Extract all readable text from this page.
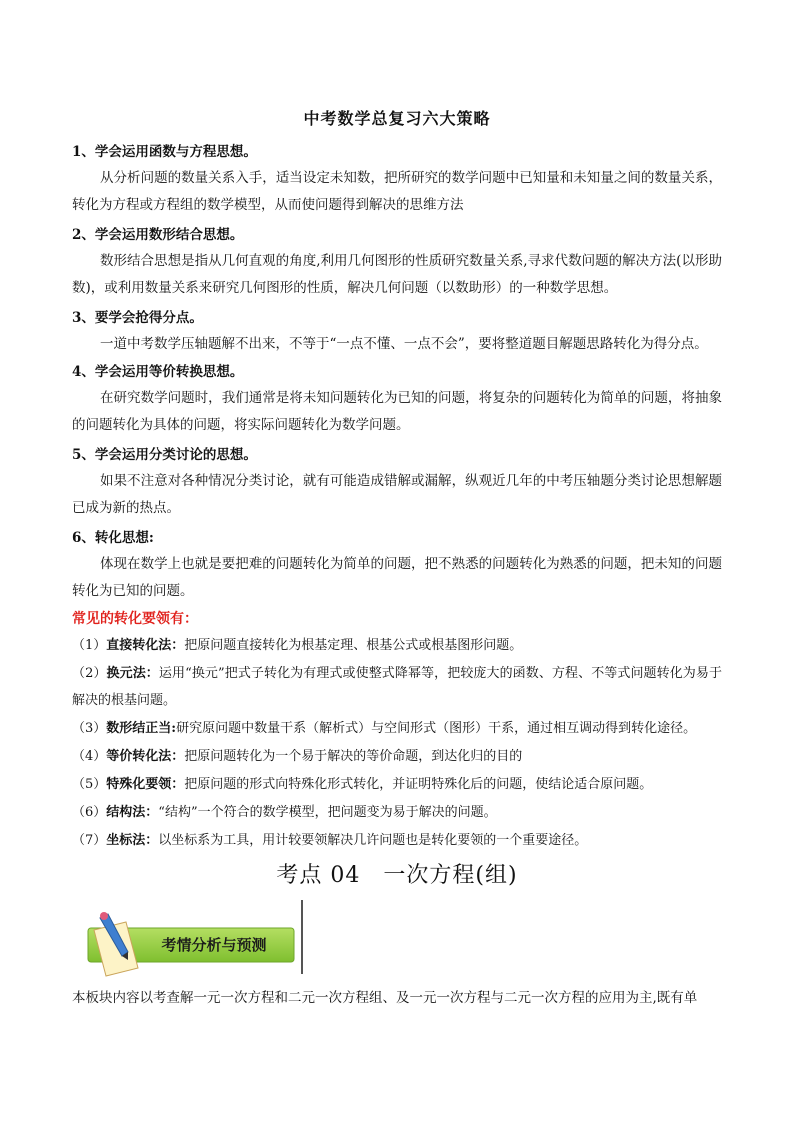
中考数学总复习六大策略
1、学会运用函数与方程思想。
从分析问题的数量关系入手，适当设定未知数，把所研究的数学问题中已知量和未知量之间的数量关系，转化为方程或方程组的数学模型，从而使问题得到解决的思维方法
2、学会运用数形结合思想。
数形结合思想是指从几何直观的角度,利用几何图形的性质研究数量关系,寻求代数问题的解决方法(以形助数)，或利用数量关系来研究几何图形的性质，解决几何问题（以数助形）的一种数学思想。
3、要学会抢得分点。
一道中考数学压轴题解不出来，不等于“一点不懂、一点不会”，要将整道题目解题思路转化为得分点。
4、学会运用等价转换思想。
在研究数学问题时，我们通常是将未知问题转化为已知的问题，将复杂的问题转化为简单的问题，将抽象的问题转化为具体的问题，将实际问题转化为数学问题。
5、学会运用分类讨论的思想。
如果不注意对各种情况分类讨论，就有可能造成错解或漏解，纵观近几年的中考压轴题分类讨论思想解题已成为新的热点。
6、转化思想:
体现在数学上也就是要把难的问题转化为简单的问题，把不熟悉的问题转化为熟悉的问题，把未知的问题转化为已知的问题。
常见的转化要领有：
（1）直接转化法：把原问题直接转化为根基定理、根基公式或根基图形问题。
（2）换元法：运用“换元”把式子转化为有理式或使整式降幂等，把较庞大的函数、方程、不等式问题转化为易于解决的根基问题。
（3）数形结正当:研究原问题中数量干系（解析式）与空间形式（图形）干系，通过相互调动得到转化途径。
（4）等价转化法：把原问题转化为一个易于解决的等价命题，到达化归的目的
（5）特殊化要领：把原问题的形式向特殊化形式转化，并证明特殊化后的问题，使结论适合原问题。
（6）结构法：“结构”一个符合的数学模型，把问题变为易于解决的问题。
（7）坐标法：以坐标系为工具，用计较要领解决几许问题也是转化要领的一个重要途径。
考点 04　一次方程(组)
考情分析与预测
本板块内容以考查解一元一次方程和二元一次方程组、及一元一次方程与二元一次方程的应用为主,既有单
